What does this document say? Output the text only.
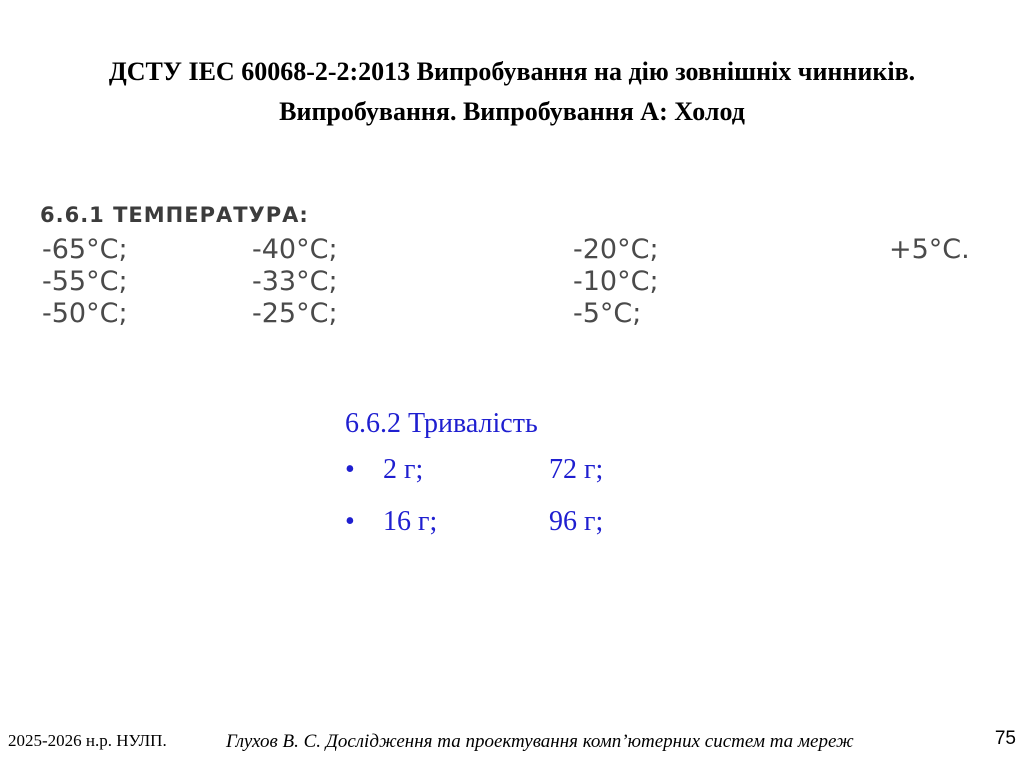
ДСТУ IEC 60068-2-2:2013 Випробування на дію зовнішніх чинників. Випробування. Випробування А: Холод
6.6.1 ТЕМПЕРАТУРА:
-65°C;	-40°C;	-20°C;	+5°C.
-55°C;	-33°C;	-10°C;
-50°C;	-25°C;	-5°C;
6.6.2 Тривалість
• 2 г;	72 г;
• 16 г;	96 г;
2025-2026 н.р. НУЛП.	Глухов В. С. Дослідження та проектування комп’ютерних систем та мереж	75
